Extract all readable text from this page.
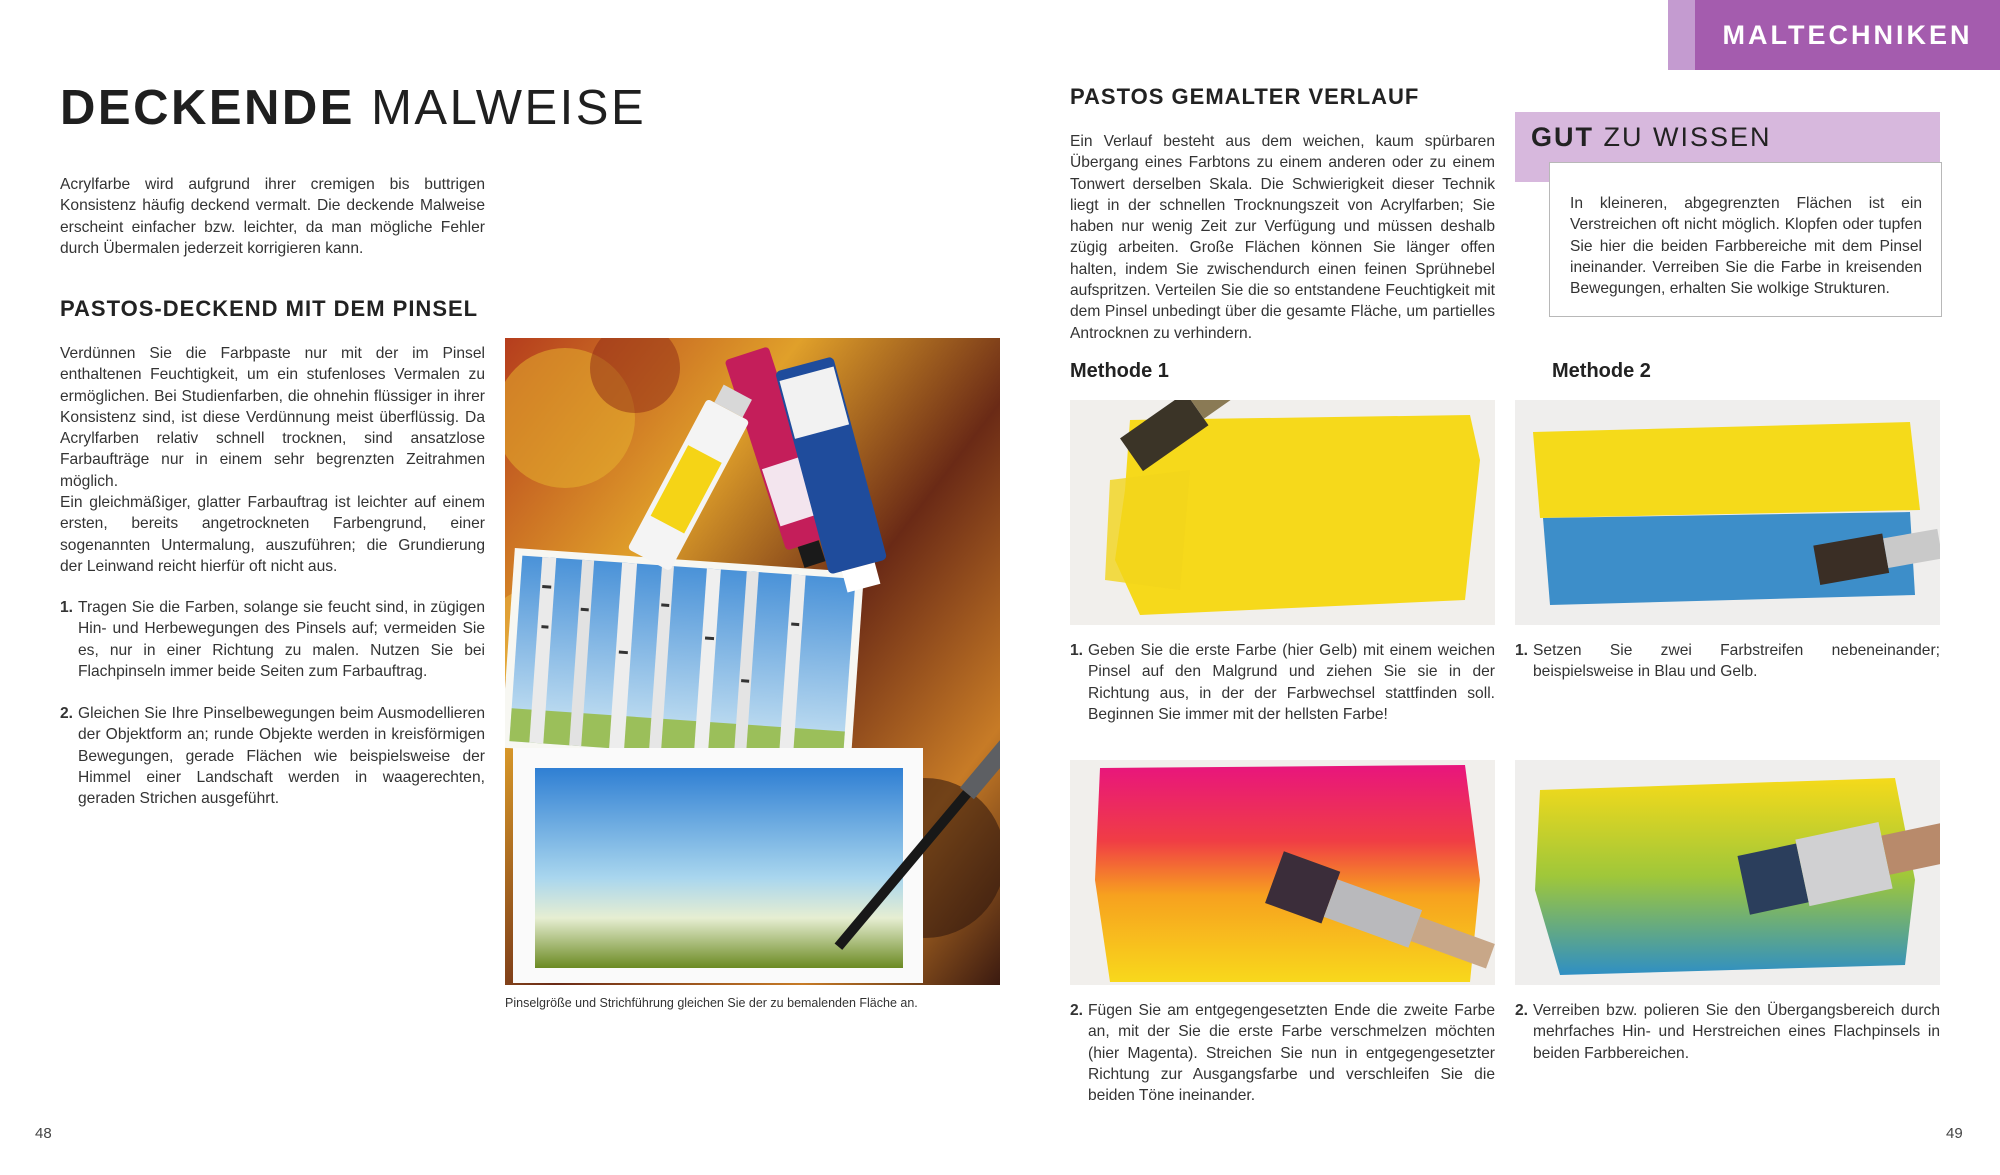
MALTECHNIKEN
DECKENDE MALWEISE
Acrylfarbe wird aufgrund ihrer cremigen bis buttrigen Konsistenz häufig deckend vermalt. Die deckende Malweise erscheint einfacher bzw. leichter, da man mögliche Fehler durch Übermalen jederzeit korrigieren kann.
PASTOS-DECKEND MIT DEM PINSEL
Verdünnen Sie die Farbpaste nur mit der im Pinsel enthaltenen Feuchtigkeit, um ein stufenloses Vermalen zu ermöglichen. Bei Studienfarben, die ohnehin flüssiger in ihrer Konsistenz sind, ist diese Verdünnung meist überflüssig. Da Acrylfarben relativ schnell trocknen, sind ansatzlose Farbaufträge nur in einem sehr begrenzten Zeitrahmen möglich.
Ein gleichmäßiger, glatter Farbauftrag ist leichter auf einem ersten, bereits angetrockneten Farbengrund, einer sogenannten Untermalung, auszuführen; die Grundierung der Leinwand reicht hierfür oft nicht aus.
1. Tragen Sie die Farben, solange sie feucht sind, in zügigen Hin- und Herbewegungen des Pinsels auf; vermeiden Sie es, nur in einer Richtung zu malen. Nutzen Sie bei Flachpinseln immer beide Seiten zum Farbauftrag.
2. Gleichen Sie Ihre Pinselbewegungen beim Ausmodellieren der Objektform an; runde Objekte werden in kreisförmigen Bewegungen, gerade Flächen wie beispielsweise der Himmel einer Landschaft werden in waagerechten, geraden Strichen ausgeführt.
Pinselgröße und Strichführung gleichen Sie der zu bemalenden Fläche an.
48
PASTOS GEMALTER VERLAUF
Ein Verlauf besteht aus dem weichen, kaum spürbaren Übergang eines Farbtons zu einem anderen oder zu einem Tonwert derselben Skala. Die Schwierigkeit dieser Technik liegt in der schnellen Trocknungszeit von Acrylfarben; Sie haben nur wenig Zeit zur Verfügung und müssen deshalb zügig arbeiten. Große Flächen können Sie länger offen halten, indem Sie zwischendurch einen feinen Sprühnebel aufspritzen. Verteilen Sie die so entstandene Feuchtigkeit mit dem Pinsel unbedingt über die gesamte Fläche, um partielles Antrocknen zu verhindern.
GUT ZU WISSEN
In kleineren, abgegrenzten Flächen ist ein Verstreichen oft nicht möglich. Klopfen oder tupfen Sie hier die beiden Farbbereiche mit dem Pinsel ineinander. Verreiben Sie die Farbe in kreisenden Bewegungen, erhalten Sie wolkige Strukturen.
Methode 1	Methode 2
1. Geben Sie die erste Farbe (hier Gelb) mit einem weichen Pinsel auf den Malgrund und ziehen Sie sie in der Richtung aus, in der der Farbwechsel stattfinden soll. Beginnen Sie immer mit der hellsten Farbe!
1. Setzen Sie zwei Farbstreifen nebeneinander; beispielsweise in Blau und Gelb.
2. Fügen Sie am entgegengesetzten Ende die zweite Farbe an, mit der Sie die erste Farbe verschmelzen möchten (hier Magenta). Streichen Sie nun in entgegengesetzter Richtung zur Ausgangsfarbe und verschleifen Sie die beiden Töne ineinander.
2. Verreiben bzw. polieren Sie den Übergangsbereich durch mehrfaches Hin- und Herstreichen eines Flachpinsels in beiden Farbbereichen.
49
